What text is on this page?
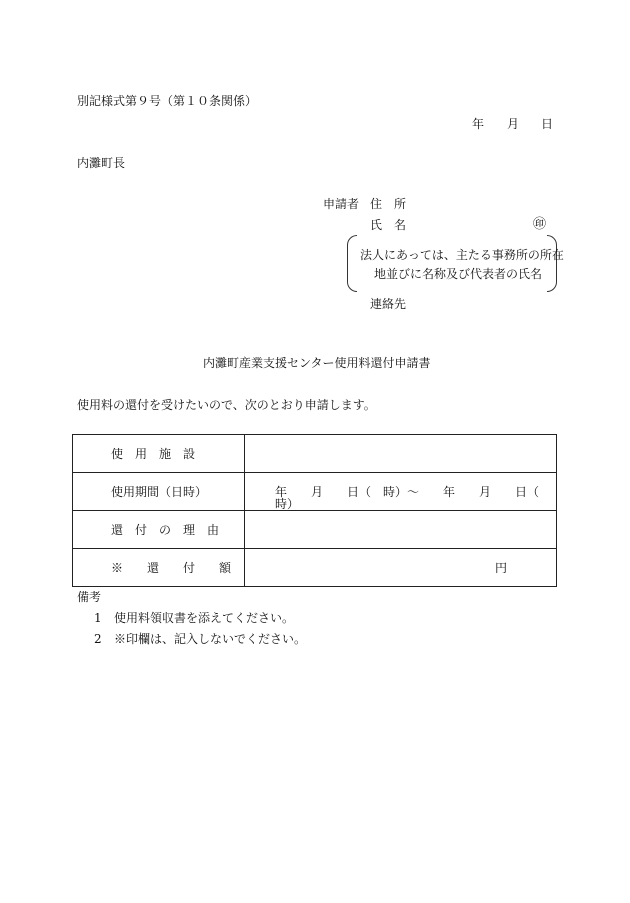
別記様式第９号（第１０条関係）
年 月 日
内灘町長
申請者 住　所
氏　名	㊞
法人にあっては、主たる事務所の所在
地並びに名称及び代表者の氏名
連絡先
内灘町産業支援センター使用料還付申請書
使用料の還付を受けたいので、次のとおり申請します。
使　用　施　設	

使用期間（日時）	年　　月　　日（　時）～　　年　　月　　日（　時）

還　付　の　理　由	

※　　還　　付　　額	円
備考
1 使用料領収書を添えてください。
2 ※印欄は、記入しないでください。
